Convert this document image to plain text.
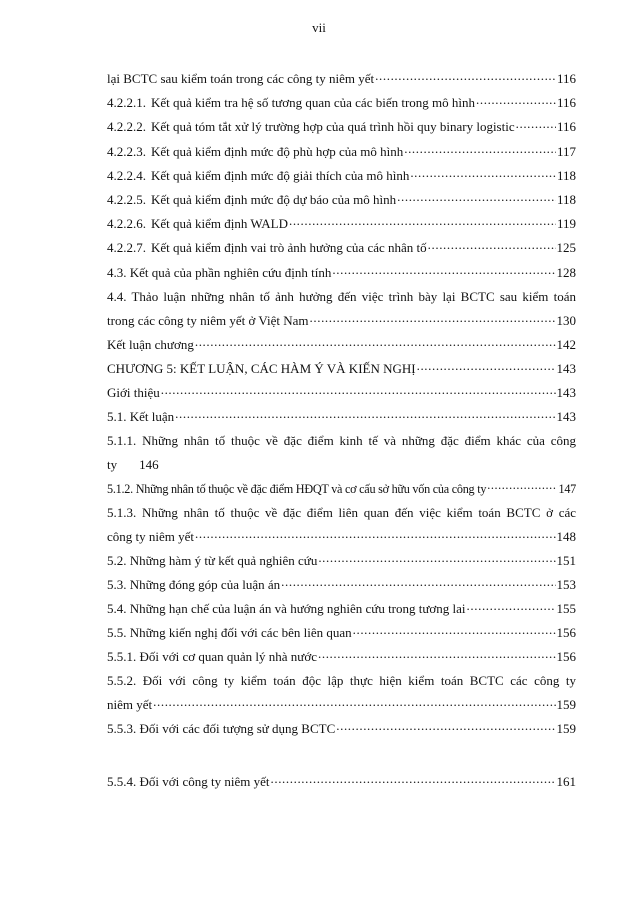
vii
lại BCTC sau kiểm toán trong các công ty niêm yết .....	116
4.2.2.1. Kết quả kiểm tra hệ số tương quan của các biến trong mô hình .....	116
4.2.2.2. Kết quả tóm tắt xử lý trường hợp của quá trình hồi quy binary logistic .....	116
4.2.2.3. Kết quả kiểm định mức độ phù hợp của mô hình .....	117
4.2.2.4. Kết quả kiểm định mức độ giải thích của mô hình .....	118
4.2.2.5. Kết quả kiểm định mức độ dự báo của mô hình .....	118
4.2.2.6. Kết quả kiểm định WALD .....	119
4.2.2.7. Kết quả kiểm định vai trò ảnh hưởng của các nhân tố .....	125
4.3. Kết quả của phần nghiên cứu định tính .....	128
4.4. Thảo luận những nhân tố ảnh hưởng đến việc trình bày lại BCTC sau kiểm toán
trong các công ty niêm yết ở Việt Nam .....	130
Kết luận chương .....	142
CHƯƠNG 5: KẾT LUẬN, CÁC HÀM Ý VÀ KIẾN NGHỊ .....	143
Giới thiệu .....	143
5.1. Kết luận .....	143
5.1.1. Những nhân tố thuộc về đặc điểm kinh tế và những đặc điểm khác của công
ty 146
5.1.2. Những nhân tố thuộc về đặc điểm HĐQT và cơ cấu sở hữu vốn của công ty .....	147
5.1.3. Những nhân tố thuộc về đặc điểm liên quan đến việc kiểm toán BCTC ở các
công ty niêm yết .....	148
5.2. Những hàm ý từ kết quả nghiên cứu .....	151
5.3. Những đóng góp của luận án .....	153
5.4. Những hạn chế của luận án và hướng nghiên cứu trong tương lai .....	155
5.5. Những kiến nghị đối với các bên liên quan .....	156
5.5.1. Đối với cơ quan quản lý nhà nước .....	156
5.5.2. Đối với công ty kiểm toán độc lập thực hiện kiểm toán BCTC các công ty
niêm yết .....	159
5.5.3. Đối với các đối tượng sử dụng BCTC .....	159
5.5.4. Đối với công ty niêm yết .....	161
